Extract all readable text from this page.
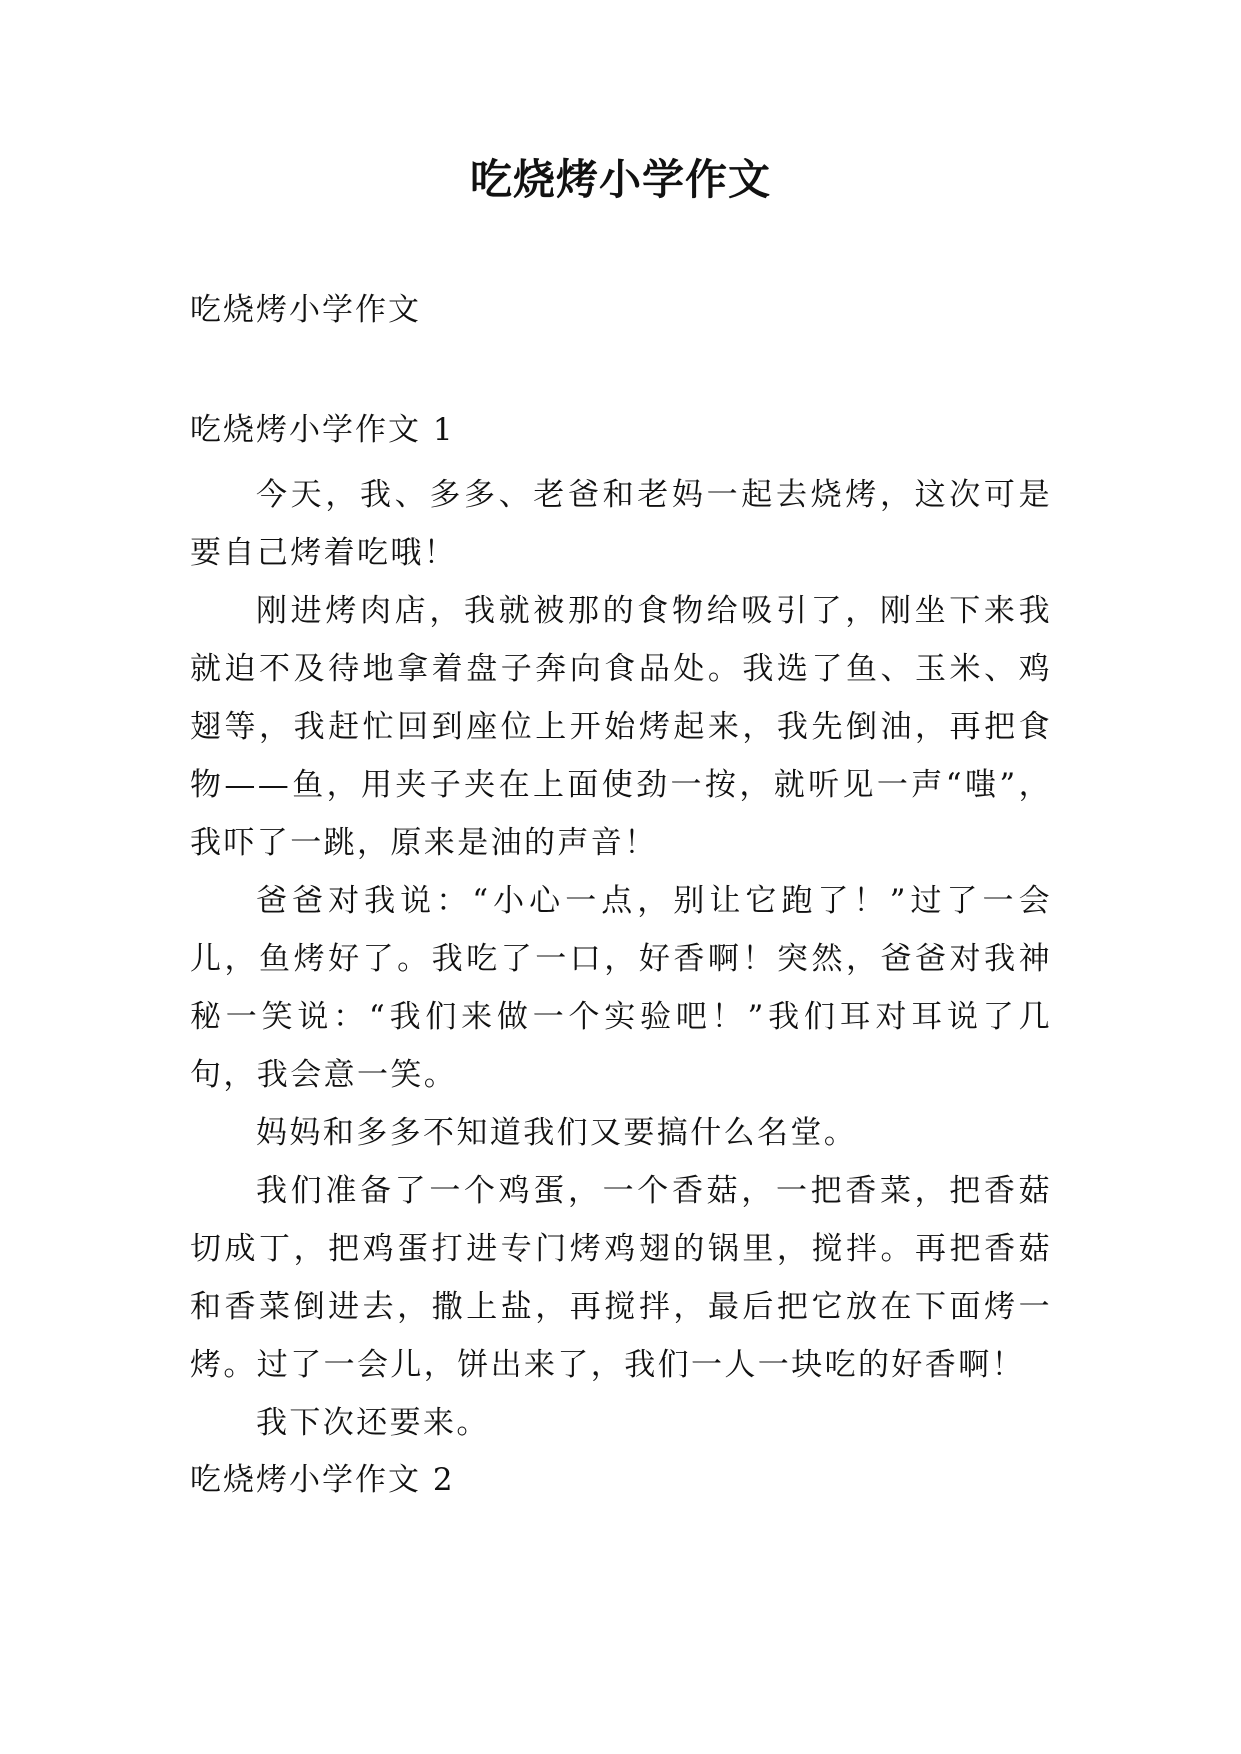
吃烧烤小学作文
吃烧烤小学作文
吃烧烤小学作文 1

今天，我、多多、老爸和老妈一起去烧烤，这次可是要自己烤着吃哦！

刚进烤肉店，我就被那的食物给吸引了，刚坐下来我就迫不及待地拿着盘子奔向食品处。我选了鱼、玉米、鸡翅等，我赶忙回到座位上开始烤起来，我先倒油，再把食物——鱼，用夹子夹在上面使劲一按，就听见一声“嗤”，我吓了一跳，原来是油的声音！

爸爸对我说：“小心一点，别让它跑了！”过了一会儿，鱼烤好了。我吃了一口，好香啊！突然，爸爸对我神秘一笑说：“我们来做一个实验吧！”我们耳对耳说了几句，我会意一笑。

妈妈和多多不知道我们又要搞什么名堂。

我们准备了一个鸡蛋，一个香菇，一把香菜，把香菇切成丁，把鸡蛋打进专门烤鸡翅的锅里，搅拌。再把香菇和香菜倒进去，撒上盐，再搅拌，最后把它放在下面烤一烤。过了一会儿，饼出来了，我们一人一块吃的好香啊！

我下次还要来。

吃烧烤小学作文 2
